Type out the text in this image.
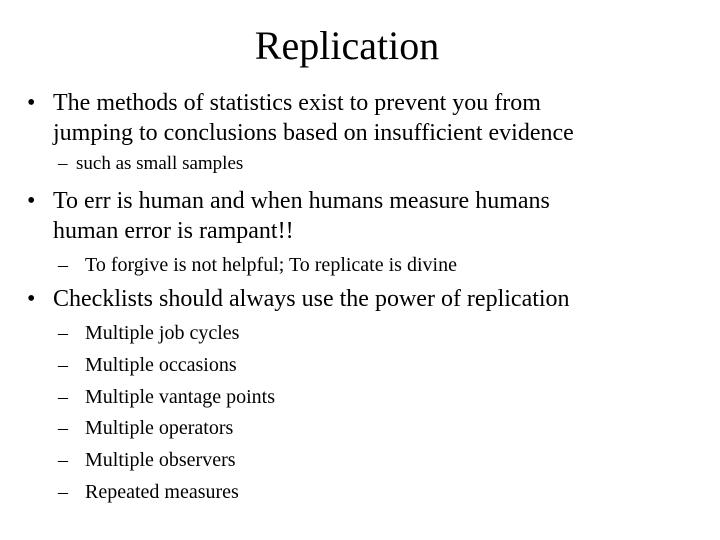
Replication
• The methods of statistics exist to prevent you from
jumping to conclusions based on insufficient evidence
– such as small samples
• To err is human and when humans measure humans
human error is rampant!!
– To forgive is not helpful; To replicate is divine
• Checklists should always use the power of replication
– Multiple job cycles
– Multiple occasions
– Multiple vantage points
– Multiple operators
– Multiple observers
– Repeated measures
